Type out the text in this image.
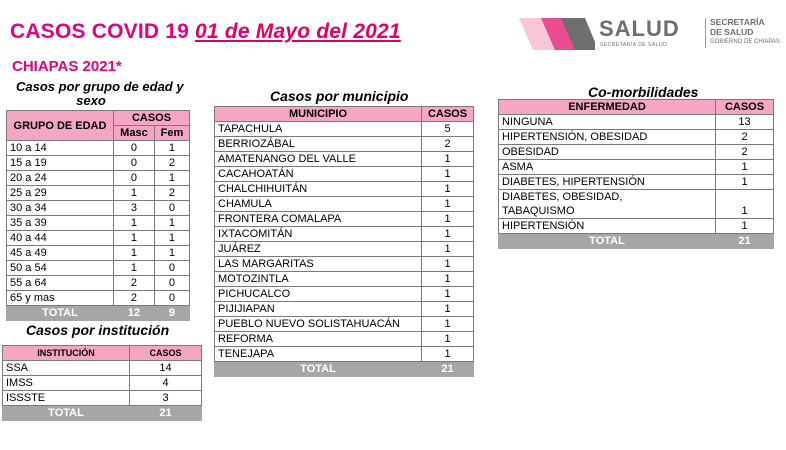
CASOS COVID 19 01 de Mayo del 2021
CHIAPAS 2021*
SALUD
SECRETARÍA DE SALUD
SECRETARÍA
DE SALUD
GOBIERNO DE CHIAPAS
Casos por grupo de edad y
sexo
GRUPO DE EDAD	CASOS	
	Masc	Fem
10 a 14	0	1
15 a 19	0	2
20 a 24	0	1
25 a 29	1	2
30 a 34	3	0
35 a 39	1	1
40 a 44	1	1
45 a 49	1	1
50 a 54	1	0
55 a 64	2	0
65 y mas	2	0
TOTAL	12	9
Casos por institución
INSTITUCIÓN	CASOS
SSA	14
IMSS	4
ISSSTE	3
TOTAL	21
Casos por municipio
MUNICIPIO	CASOS
TAPACHULA	5
BERRIOZÁBAL	2
AMATENANGO DEL VALLE	1
CACAHOATÁN	1
CHALCHIHUITÁN	1
CHAMULA	1
FRONTERA COMALAPA	1
IXTACOMITÁN	1
JUÁREZ	1
LAS MARGARITAS	1
MOTOZINTLA	1
PICHUCALCO	1
PIJIJIAPAN	1
PUEBLO NUEVO SOLISTAHUACÁN	1
REFORMA	1
TENEJAPA	1
TOTAL	21
Co-morbilidades
ENFERMEDAD	CASOS
NINGUNA	13
HIPERTENSIÓN, OBESIDAD	2
OBESIDAD	2
ASMA	1
DIABETES, HIPERTENSIÓN	1

DIABETES, OBESIDAD,
TABAQUISMO	1
HIPERTENSIÓN	1
TOTAL	21
